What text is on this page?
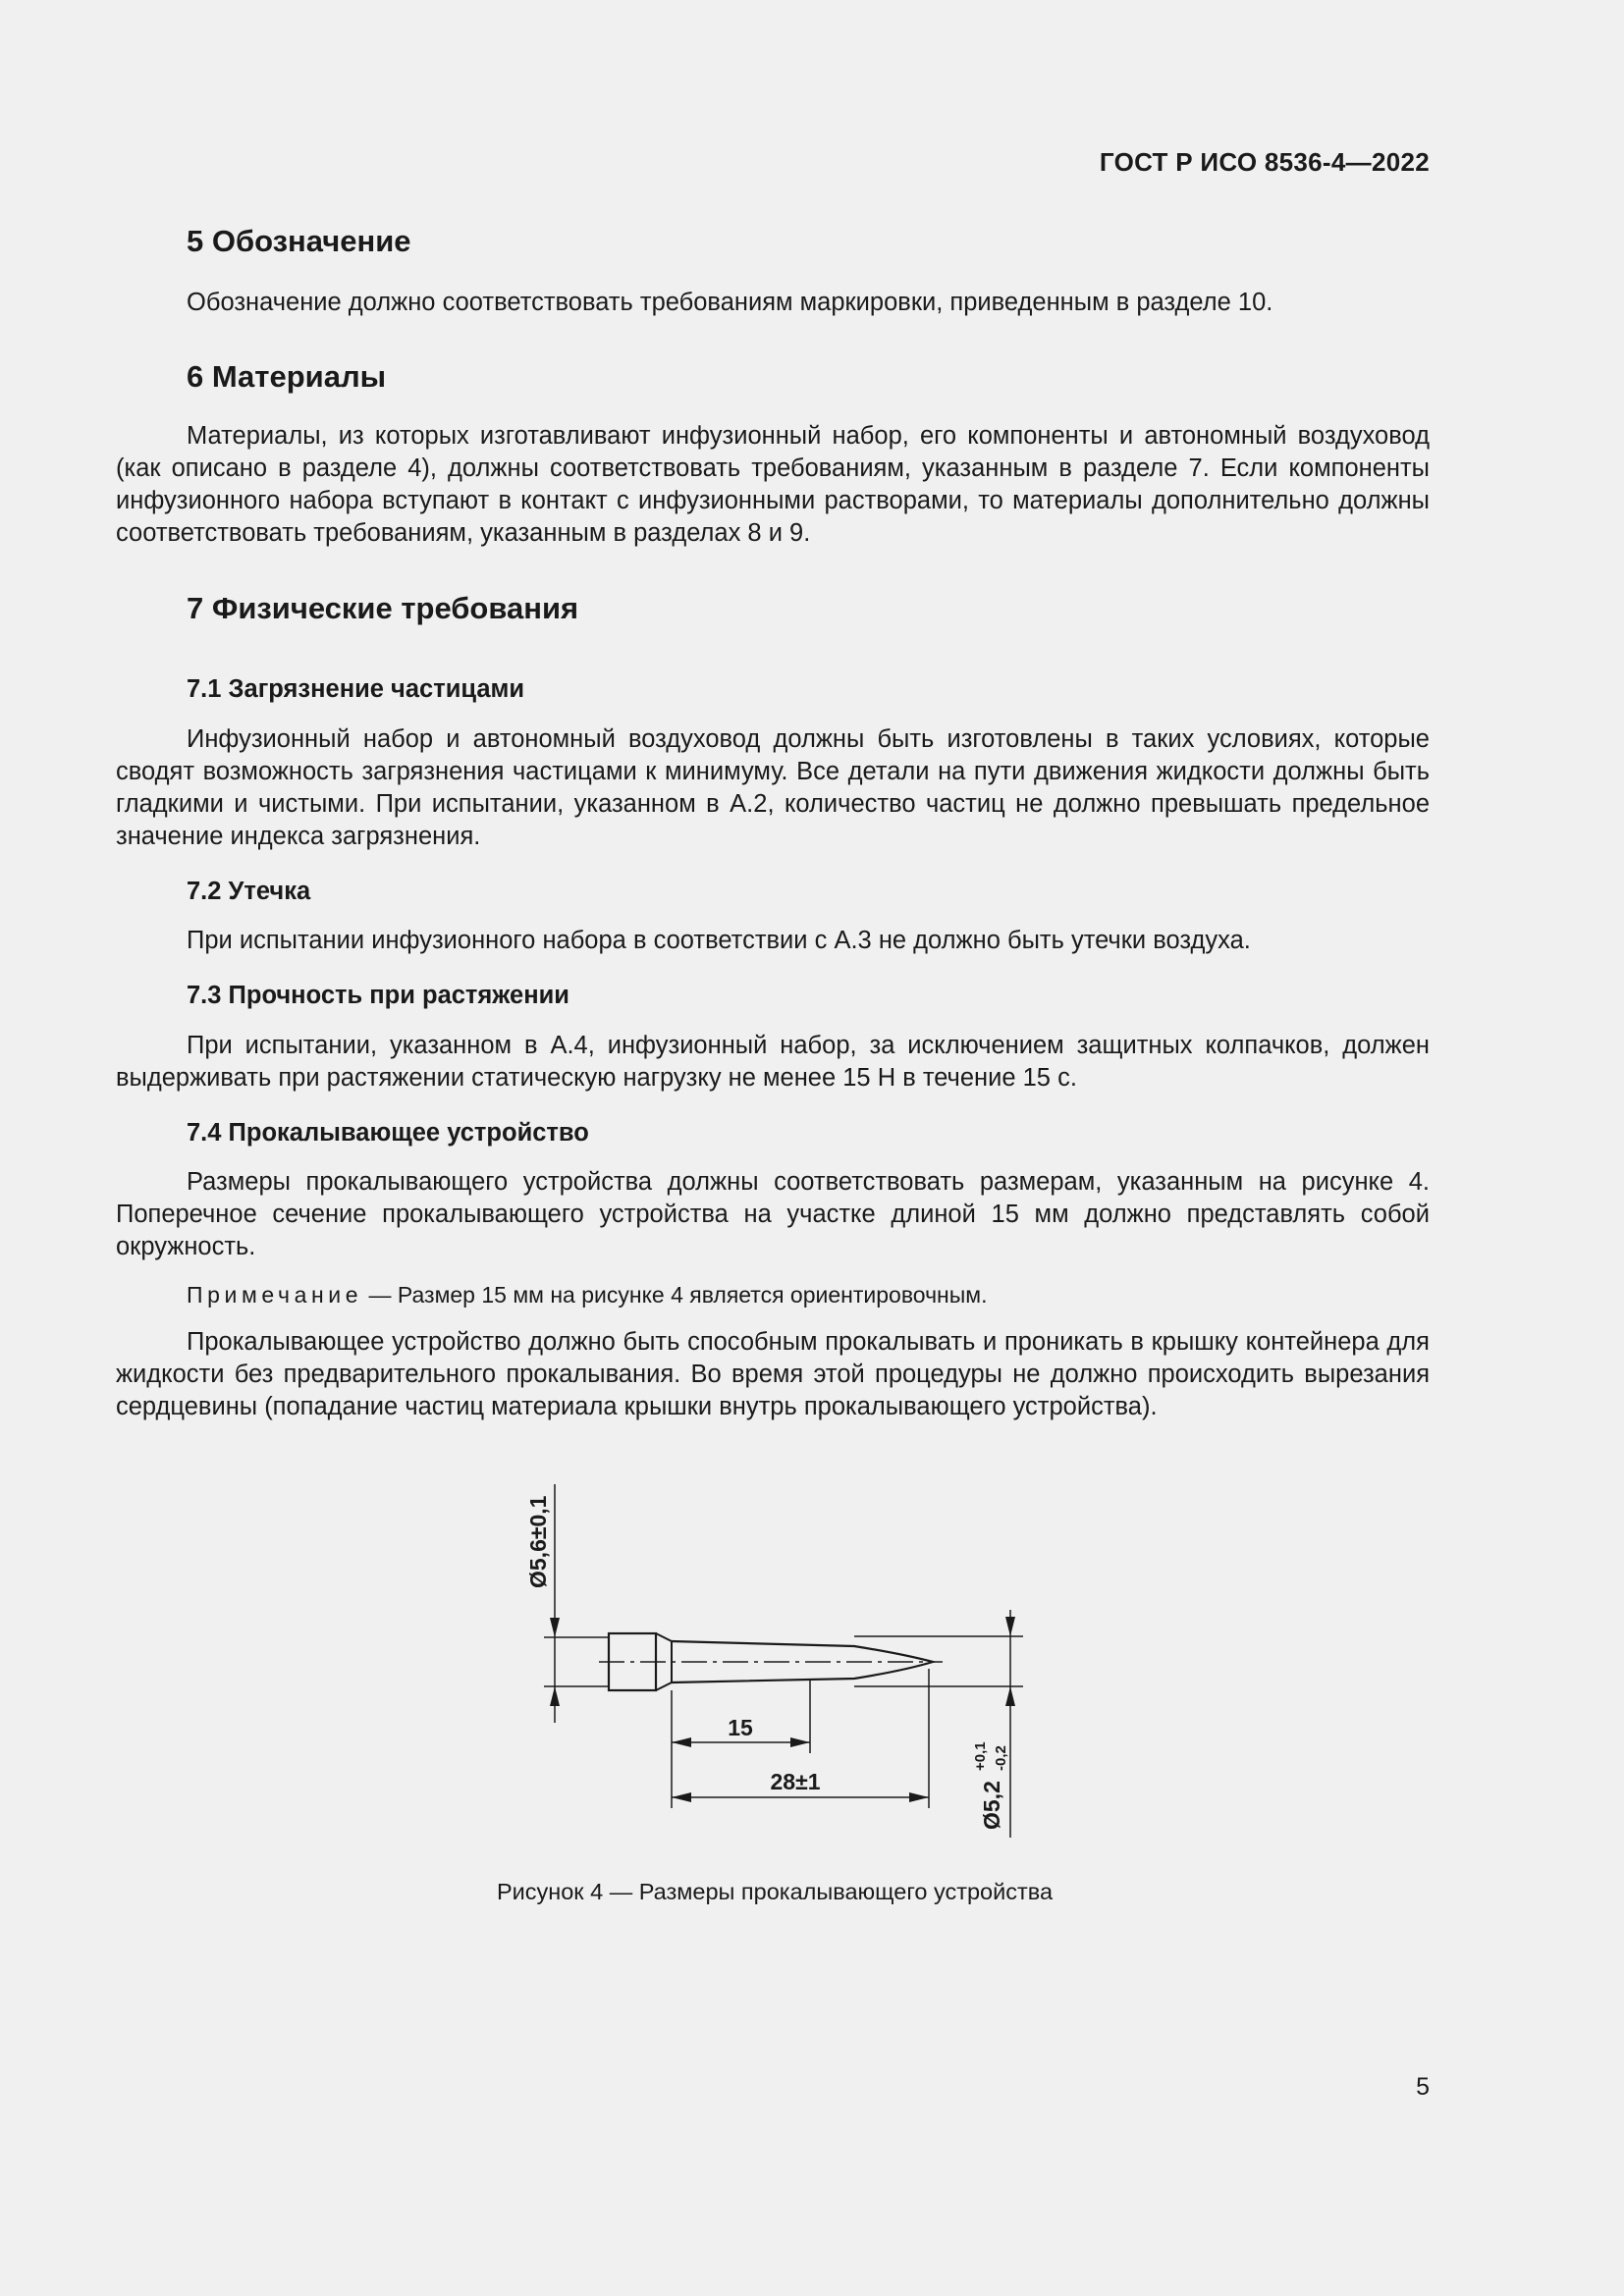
ГОСТ Р ИСО 8536-4—2022
5 Обозначение
Обозначение должно соответствовать требованиям маркировки, приведенным в разделе 10.
6 Материалы
Материалы, из которых изготавливают инфузионный набор, его компоненты и автономный воздуховод (как описано в разделе 4), должны соответствовать требованиям, указанным в разделе 7. Если компоненты инфузионного набора вступают в контакт с инфузионными растворами, то материалы дополнительно должны соответствовать требованиям, указанным в разделах 8 и 9.
7 Физические требования
7.1 Загрязнение частицами
Инфузионный набор и автономный воздуховод должны быть изготовлены в таких условиях, которые сводят возможность загрязнения частицами к минимуму. Все детали на пути движения жидкости должны быть гладкими и чистыми. При испытании, указанном в А.2, количество частиц не должно превышать предельное значение индекса загрязнения.
7.2 Утечка
При испытании инфузионного набора в соответствии с А.3 не должно быть утечки воздуха.
7.3 Прочность при растяжении
При испытании, указанном в А.4, инфузионный набор, за исключением защитных колпачков, должен выдерживать при растяжении статическую нагрузку не менее 15 Н в течение 15 с.
7.4 Прокалывающее устройство
Размеры прокалывающего устройства должны соответствовать размерам, указанным на рисунке 4. Поперечное сечение прокалывающего устройства на участке длиной 15 мм должно представлять собой окружность.
Примечание — Размер 15 мм на рисунке 4 является ориентировочным.
Прокалывающее устройство должно быть способным прокалывать и проникать в крышку контейнера для жидкости без предварительного прокалывания. Во время этой процедуры не должно происходить вырезания сердцевины (попадание частиц материала крышки внутрь прокалывающего устройства).
Ø5,6±0,1
15
28±1	Ø5,2
+0,1 -0,2
Рисунок 4 — Размеры прокалывающего устройства
5
